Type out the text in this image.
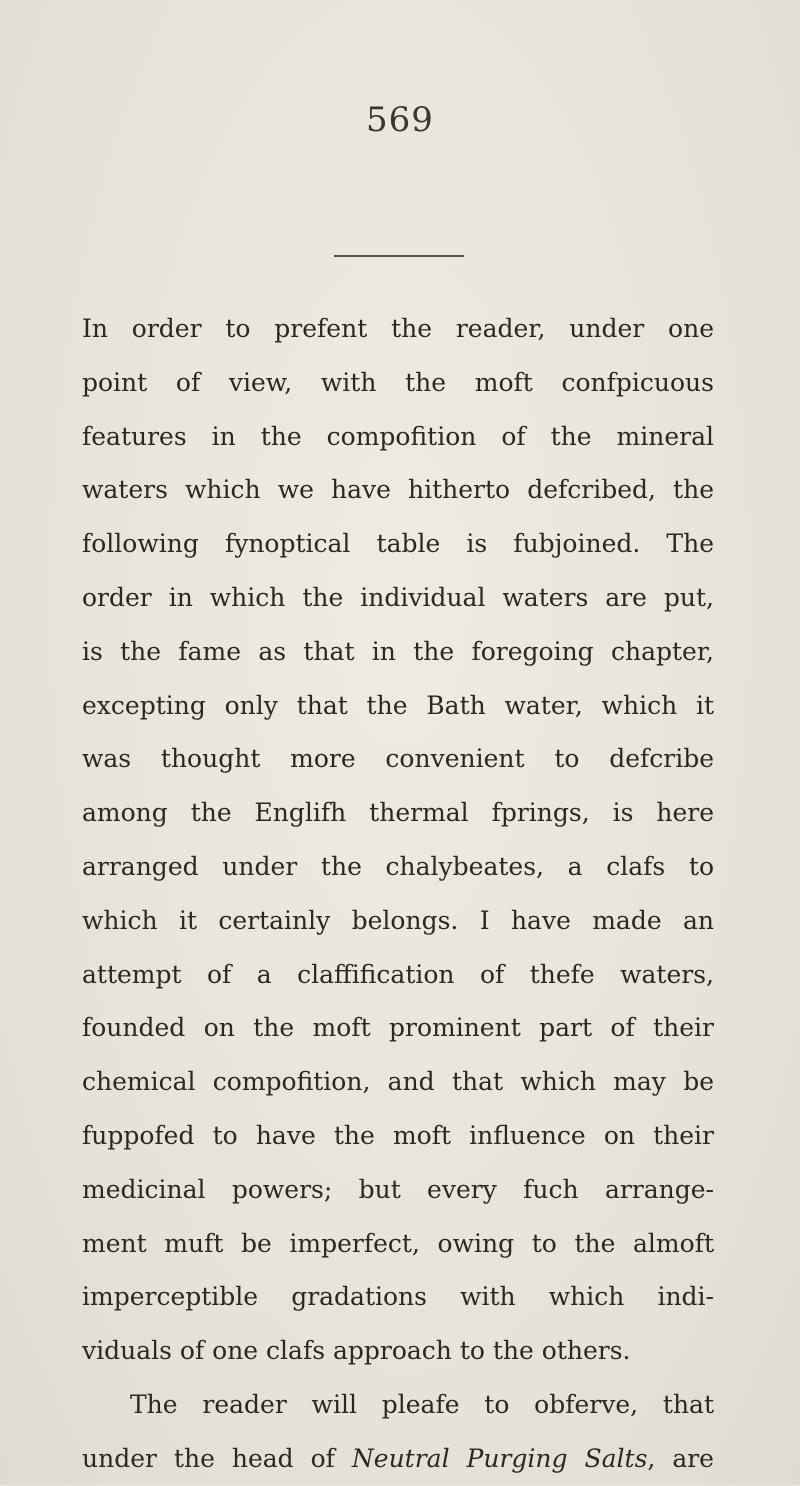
569
In order to prefent the reader, under one
point of view, with the moft confpicuous
features in the compofition of the mineral
waters which we have hitherto defcribed, the
following fynoptical table is fubjoined. The
order in which the individual waters are put,
is the fame as that in the foregoing chapter,
excepting only that the Bath water, which it
was thought more convenient to defcribe
among the Englifh thermal fprings, is here
arranged under the chalybeates, a clafs to
which it certainly belongs. I have made an
attempt of a claffification of thefe waters,
founded on the moft prominent part of their
chemical compofition, and that which may be
fuppofed to have the moft influence on their
medicinal powers; but every fuch arrange-
ment muft be imperfect, owing to the almoft
imperceptible gradations with which indi-
viduals of one clafs approach to the others.
The reader will pleafe to obferve, that
under the head of Neutral Purging Salts, are
